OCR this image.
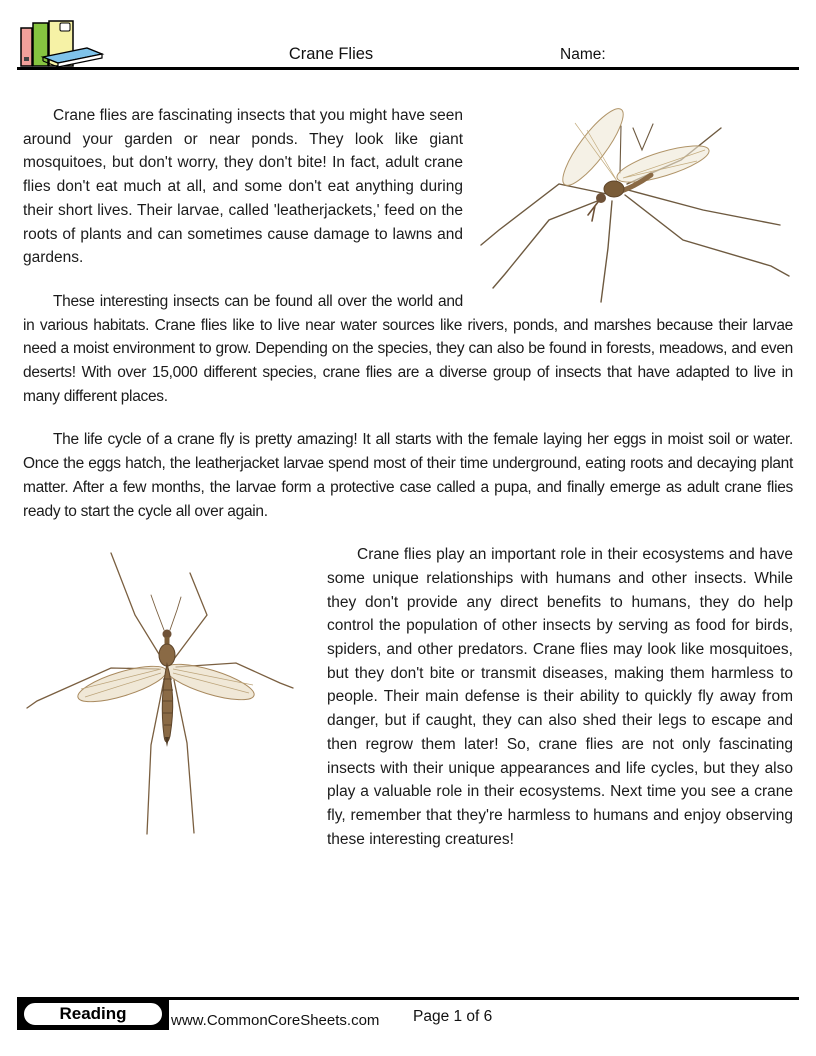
Crane Flies	Name:

Crane flies are fascinating insects that you might have seen around your garden or near ponds. They look like giant mosquitoes, but don't worry, they don't bite! In fact, adult crane flies don't eat much at all, and some don't eat anything during their short lives. Their larvae, called 'leatherjackets,' feed on the roots of plants and can sometimes cause damage to lawns and gardens.

These interesting insects can be found all over the world and in various habitats. Crane flies like to live near water sources like rivers, ponds, and marshes because their larvae need a moist environment to grow. Depending on the species, they can also be found in forests, meadows, and even deserts! With over 15,000 different species, crane flies are a diverse group of insects that have adapted to live in many different places.

The life cycle of a crane fly is pretty amazing! It all starts with the female laying her eggs in moist soil or water. Once the eggs hatch, the leatherjacket larvae spend most of their time underground, eating roots and decaying plant matter. After a few months, the larvae form a protective case called a pupa, and finally emerge as adult crane flies ready to start the cycle all over again.

Crane flies play an important role in their ecosystems and have some unique relationships with humans and other insects. While they don't provide any direct benefits to humans, they do help control the population of other insects by serving as food for birds, spiders, and other predators. Crane flies may look like mosquitoes, but they don't bite or transmit diseases, making them harmless to people. Their main defense is their ability to quickly fly away from danger, but if caught, they can also shed their legs to escape and then regrow them later! So, crane flies are not only fascinating insects with their unique appearances and life cycles, but they also play a valuable role in their ecosystems. Next time you see a crane fly, remember that they're harmless to humans and enjoy observing these interesting creatures!

Reading	www.CommonCoreSheets.com Page 1 of 6
